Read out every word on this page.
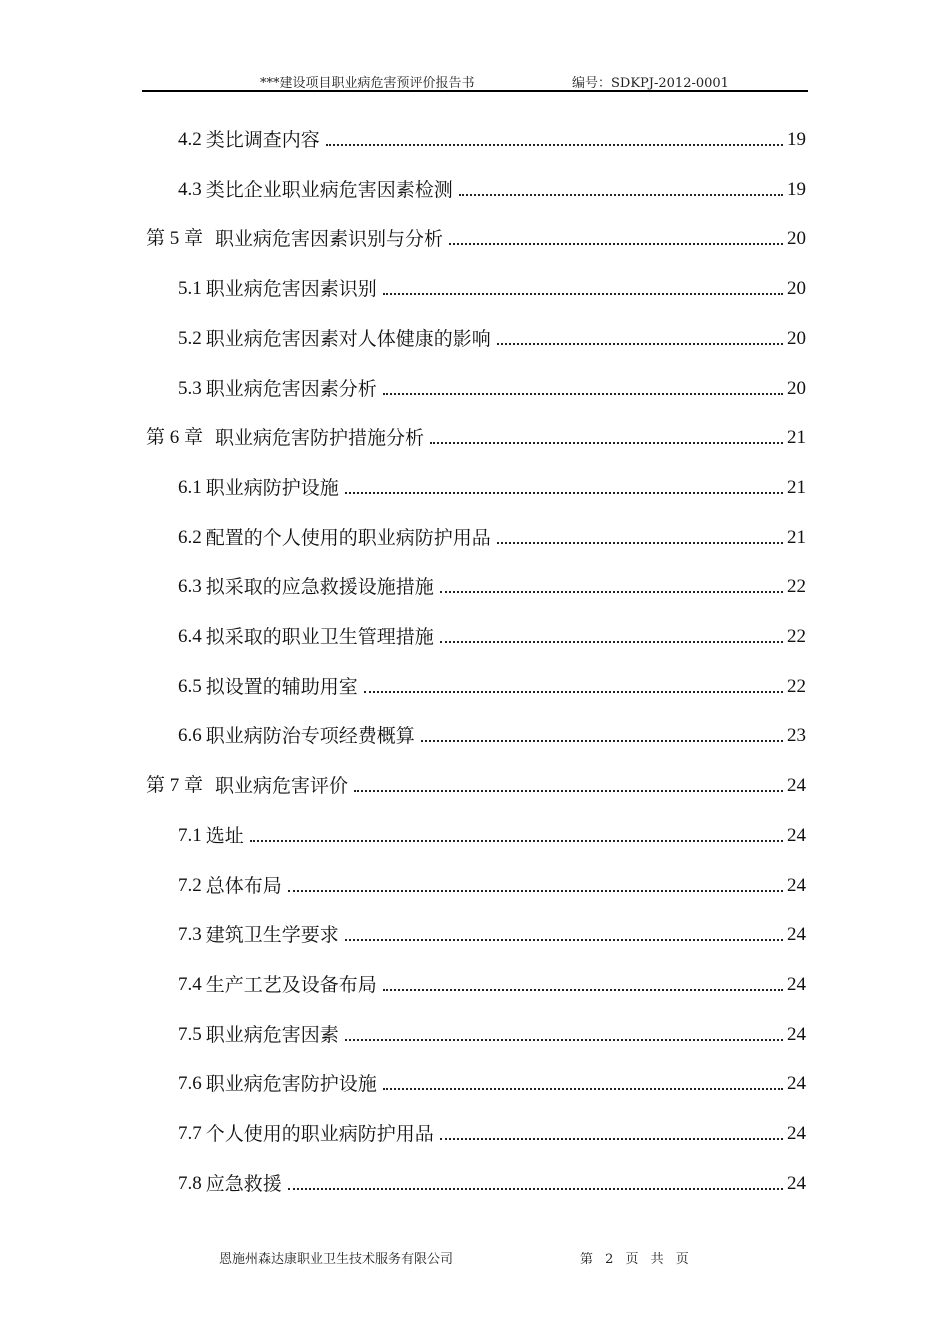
***建设项目职业病危害预评价报告书	编号：SDKPJ-2012-0001
4.2 类比调查内容	19
4.3 类比企业职业病危害因素检测	19
第 5 章 职业病危害因素识别与分析	20
5.1 职业病危害因素识别	20
5.2 职业病危害因素对人体健康的影响	20
5.3 职业病危害因素分析	20
第 6 章 职业病危害防护措施分析	21
6.1 职业病防护设施	21
6.2 配置的个人使用的职业病防护用品	21
6.3 拟采取的应急救援设施措施	22
6.4 拟采取的职业卫生管理措施	22
6.5 拟设置的辅助用室	22
6.6 职业病防治专项经费概算	23
第 7 章 职业病危害评价	24
7.1 选址	24
7.2 总体布局	24
7.3 建筑卫生学要求	24
7.4 生产工艺及设备布局	24
7.5 职业病危害因素	24
7.6 职业病危害防护设施	24
7.7 个人使用的职业病防护用品	24
7.8 应急救援	24
恩施州森达康职业卫生技术服务有限公司	第 2 页 共 页
